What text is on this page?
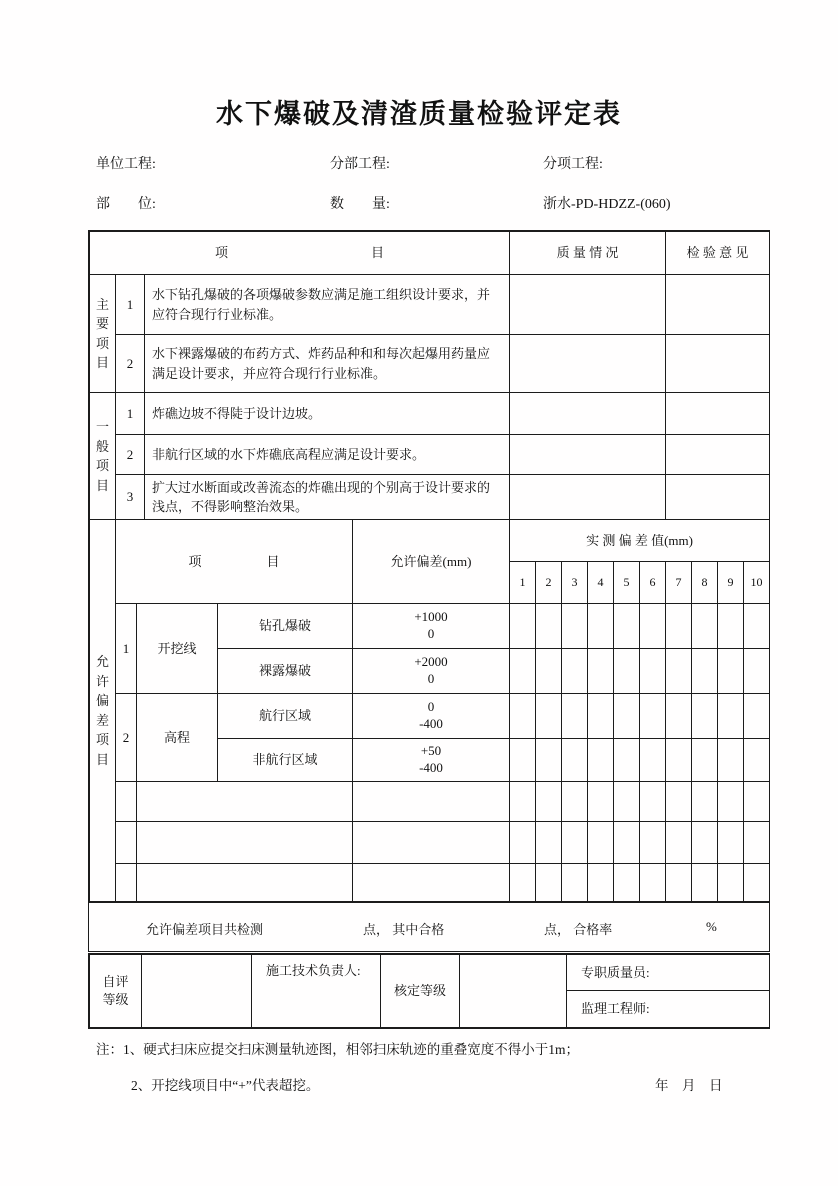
水下爆破及清渣质量检验评定表
单位工程:	分部工程:	分项工程:
部　　位:	数　　量:	浙水-PD-HDZZ-(060)
项　　　　　　　　　　　目			质 量 情 况	检 验 意 见

主要项目	1	水下钻孔爆破的各项爆破参数应满足施工组织设计要求，并应符合现行行业标准。		
	2	水下裸露爆破的布药方式、炸药品种和和每次起爆用药量应满足设计要求，并应符合现行行业标准。		

一般项目	1	炸礁边坡不得陡于设计边坡。		
	2	非航行区域的水下炸礁底高程应满足设计要求。		
	3	扩大过水断面或改善流态的炸礁出现的个别高于设计要求的浅点，不得影响整治效果。		
允许偏差项目	项　　　　　目			允许偏差(mm)	实 测 偏 差 值(mm)									
					1	2	3	4	5	6	7	8	9	10
	1	开挖线	钻孔爆破	+1000
0										

			裸露爆破	+2000
0										

	2	高程	航行区域	0
-400										

			非航行区域	+50
-400										

允许偏差项目共检测	点， 其中合格	点， 合格率	%
自评等级
		施工技术负责人:	核定等级		专职质量员:
监理工程师:
注：1、硬式扫床应提交扫床测量轨迹图，相邻扫床轨迹的重叠宽度不得小于1m；
2、开挖线项目中“+”代表超挖。	年　月　日
